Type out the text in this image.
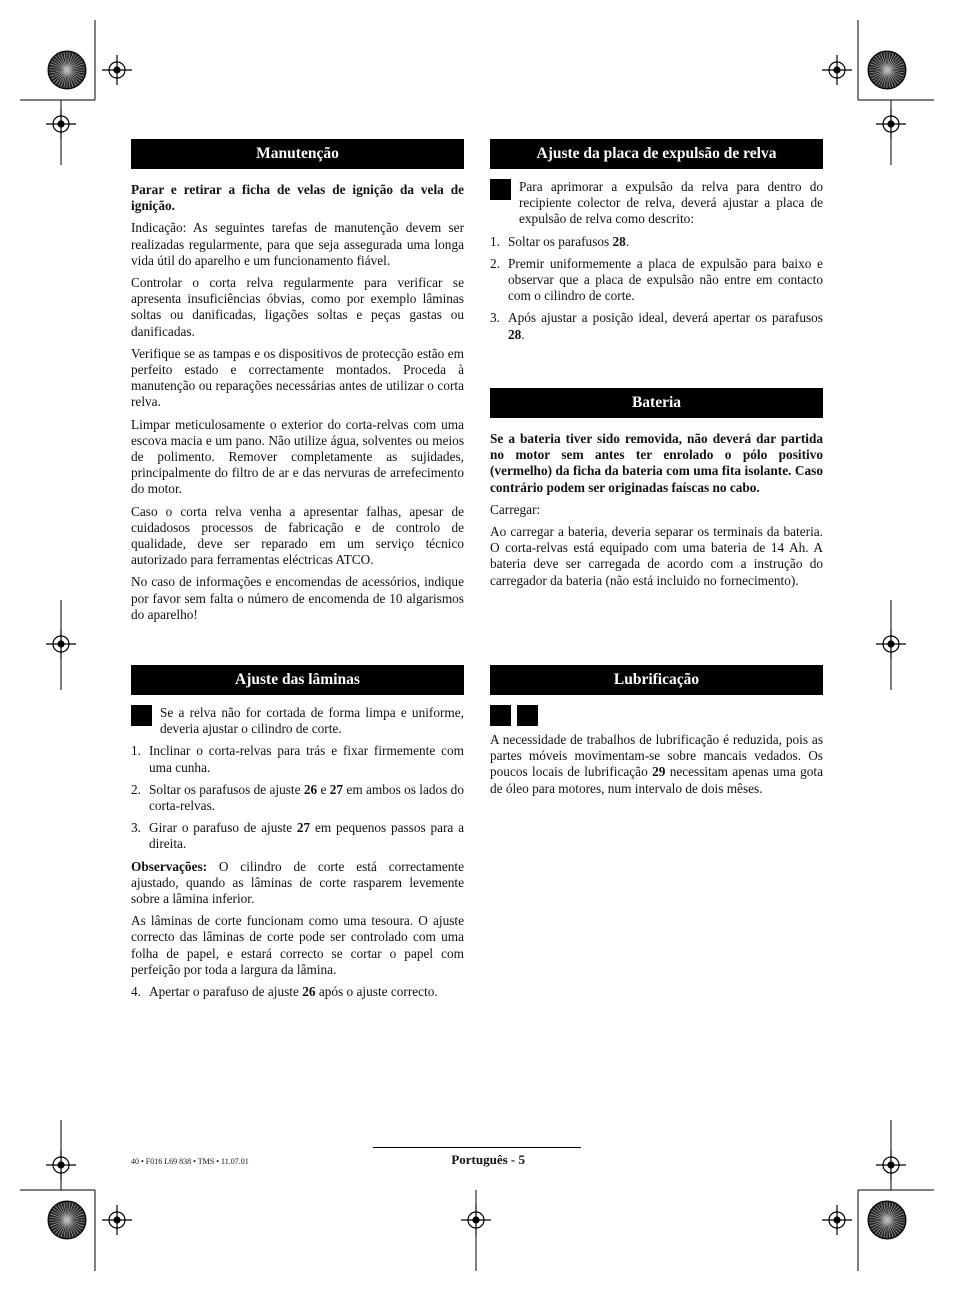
Manutenção

Parar e retirar a ficha de velas de ignição da vela de ignição.

Indicação: As seguintes tarefas de manutenção devem ser realizadas regularmente, para que seja assegurada uma longa vida útil do aparelho e um funcionamento fiável.

Controlar o corta relva regularmente para verificar se apresenta insuficiências óbvias, como por exemplo lâminas soltas ou danificadas, ligações soltas e peças gastas ou danificadas.

Verifique se as tampas e os dispositivos de protecção estão em perfeito estado e correctamente montados. Proceda à manutenção ou reparações necessárias antes de utilizar o corta relva.

Limpar meticulosamente o exterior do corta-relvas com uma escova macia e um pano. Não utilize água, solventes ou meios de polimento. Remover completamente as sujidades, principalmente do filtro de ar e das nervuras de arrefecimento do motor.

Caso o corta relva venha a apresentar falhas, apesar de cuidadosos processos de fabricação e de controlo de qualidade, deve ser reparado em um serviço técnico autorizado para ferramentas eléctricas ATCO.

No caso de informações e encomendas de acessórios, indique por favor sem falta o número de encomenda de 10 algarismos do aparelho!

Ajuste das lâminas
Se a relva não for cortada de forma limpa e uniforme, deveria ajustar o cilindro de corte.
1. Inclinar o corta-relvas para trás e fixar firmemente com uma cunha.
2. Soltar os parafusos de ajuste 26 e 27 em ambos os lados do corta-relvas.
3. Girar o parafuso de ajuste 27 em pequenos passos para a direita.

Observações: O cilindro de corte está correctamente ajustado, quando as lâminas de corte rasparem levemente sobre a lâmina inferior.

As lâminas de corte funcionam como uma tesoura. O ajuste correcto das lâminas de corte pode ser controlado com uma folha de papel, e estará correcto se cortar o papel com perfeição por toda a largura da lâmina.

4. Apertar o parafuso de ajuste 26 após o ajuste correcto.
Ajuste da placa de expulsão de relva
Para aprimorar a expulsão da relva para dentro do recipiente colector de relva, deverá ajustar a placa de expulsão de relva como descrito:
1. Soltar os parafusos 28.
2. Premir uniformemente a placa de expulsão para baixo e observar que a placa de expulsão não entre em contacto com o cilindro de corte.
3. Após ajustar a posição ideal, deverá apertar os parafusos 28.
Bateria

Se a bateria tiver sido removida, não deverá dar partida no motor sem antes ter enrolado o pólo positivo (vermelho) da ficha da bateria com uma fita isolante. Caso contrário podem ser originadas faíscas no cabo.

Carregar:

Ao carregar a bateria, deveria separar os terminais da bateria. O corta-relvas está equipado com uma bateria de 14 Ah. A bateria deve ser carregada de acordo com a instrução do carregador da bateria (não está incluido no fornecimento).

Lubrificação

A necessidade de trabalhos de lubrificação é reduzida, pois as partes móveis movimentam-se sobre mancais vedados. Os poucos locais de lubrificação 29 necessitam apenas uma gota de óleo para motores, num intervalo de dois mêses.

Português - 5
40 • F016 L69 838 • TMS • 11.07.01
